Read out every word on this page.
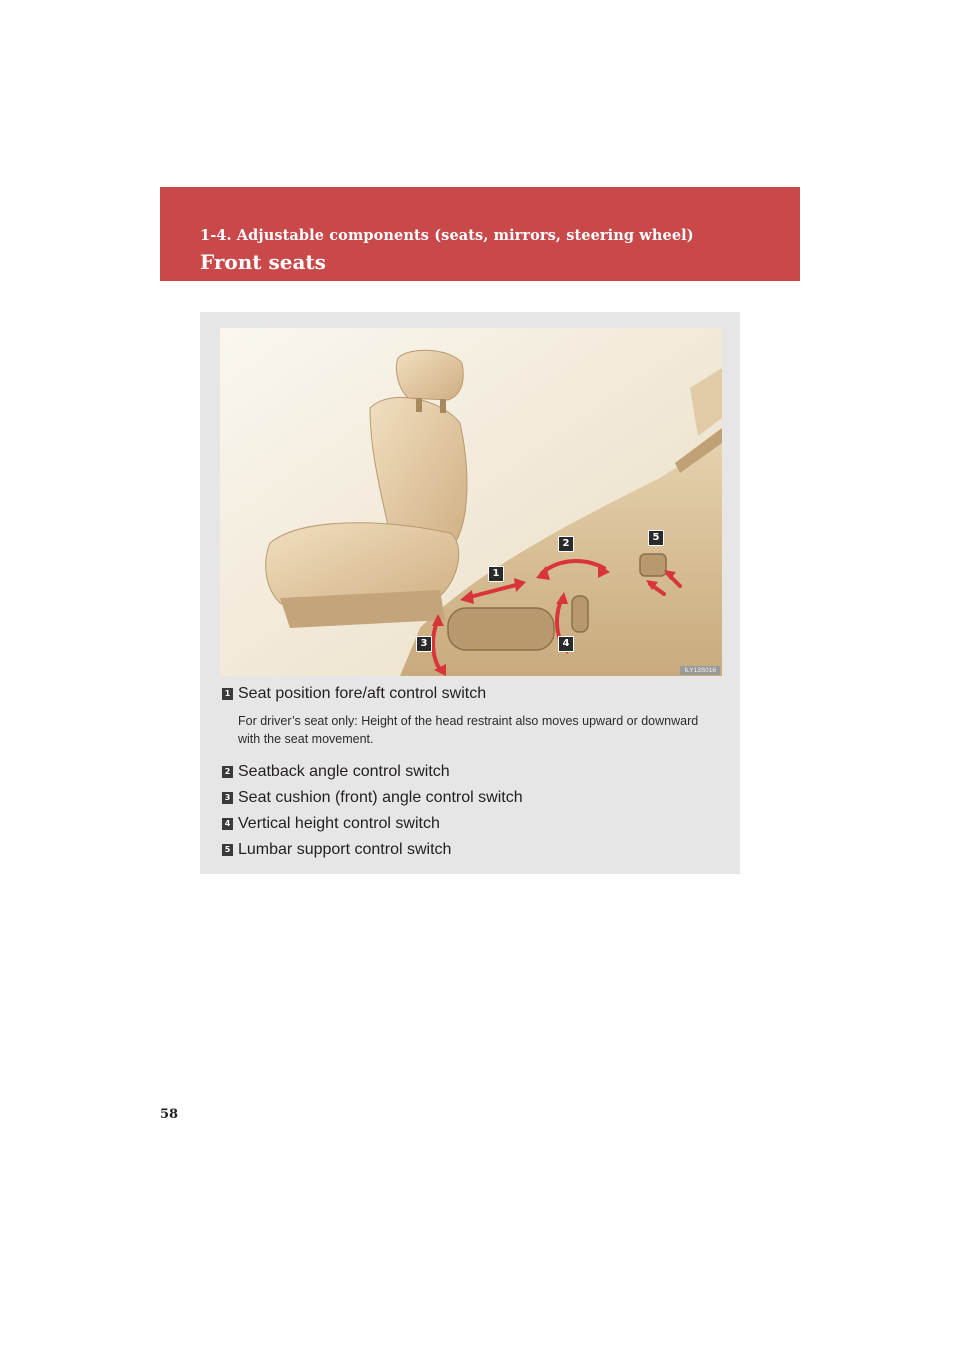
1-4. Adjustable components (seats, mirrors, steering wheel)
Front seats
1
2
3	4
5
ILY13S016
1 Seat position fore/aft control switch
For driver’s seat only: Height of the head restraint also moves upward or downward with the seat movement.
2 Seatback angle control switch
3 Seat cushion (front) angle control switch
4 Vertical height control switch
5 Lumbar support control switch
58
